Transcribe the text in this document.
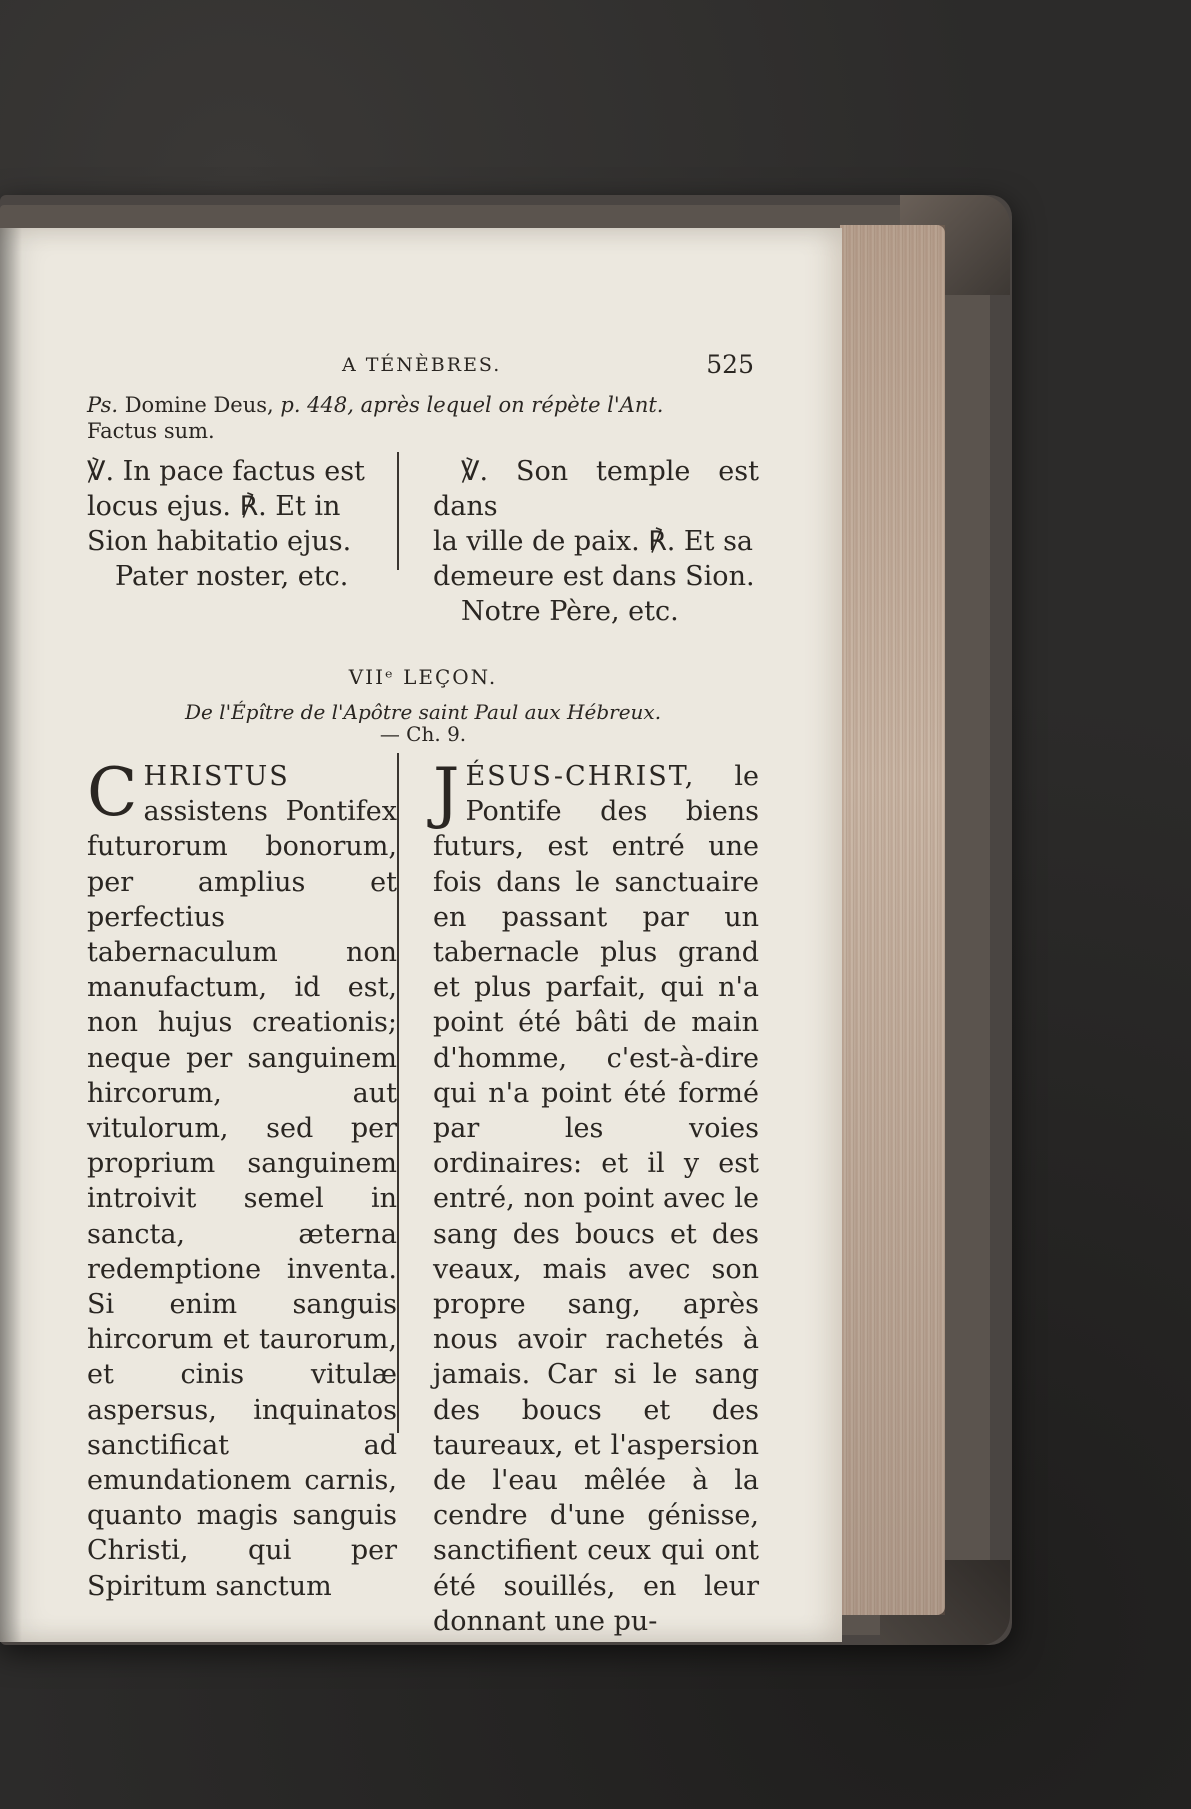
A TÉNÈBRES.	525
Ps. Domine Deus, p. 448, après lequel on répète l'Ant.
Factus sum.

℣. In pace factus est

locus ejus. ℟. Et in

Sion habitatio ejus.

Pater noster, etc.

℣. Son temple est dans

la ville de paix. ℟. Et sa

demeure est dans Sion.

Notre Père, etc.

VIIᵉ LEÇON.
De l'Épître de l'Apôtre saint Paul aux Hébreux.
— Ch. 9.

C HRISTUS assistens Pontifex futurorum bonorum, per amplius et perfectius tabernaculum non manufactum, id est, non hujus creationis; neque per sanguinem hircorum, aut vitulorum, sed per proprium sanguinem introivit semel in sancta, æterna redemptione inventa. Si enim sanguis hircorum et taurorum, et cinis vitulæ aspersus, inquinatos sanctificat ad emundationem carnis, quanto magis sanguis Christi, qui per Spiritum sanctum

J ÉSUS-CHRIST, le Pontife des biens futurs, est entré une fois dans le sanctuaire en passant par un tabernacle plus grand et plus parfait, qui n'a point été bâti de main d'homme, c'est-à-dire qui n'a point été formé par les voies ordinaires: et il y est entré, non point avec le sang des boucs et des veaux, mais avec son propre sang, après nous avoir rachetés à jamais. Car si le sang des boucs et des taureaux, et l'aspersion de l'eau mêlée à la cendre d'une génisse, sanctifient ceux qui ont été souillés, en leur donnant une pu-
